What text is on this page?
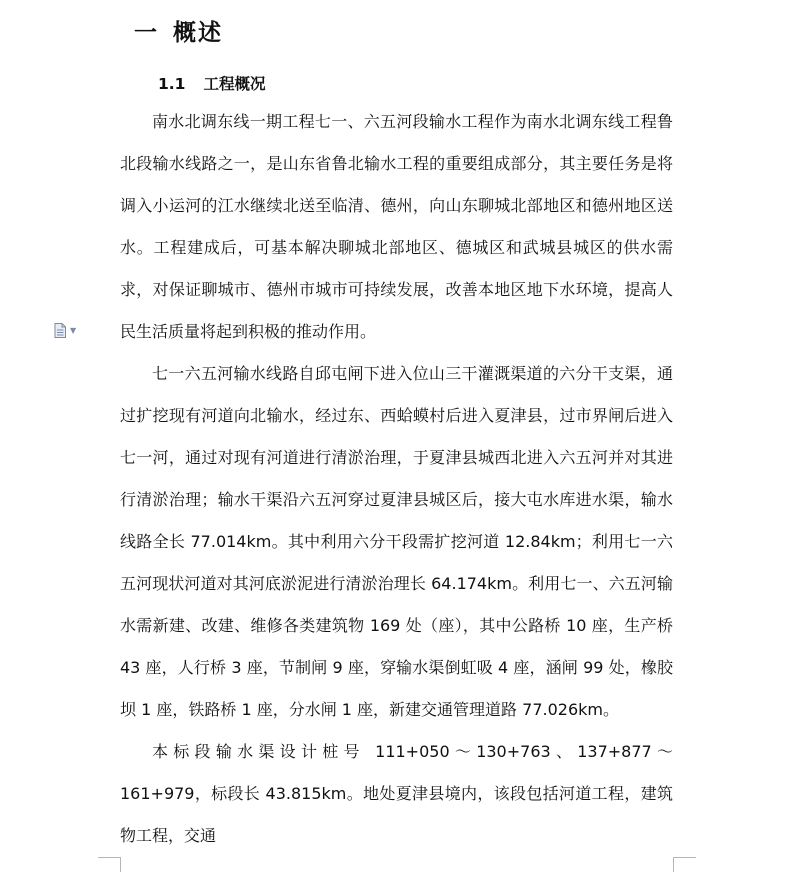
一 概述
1.1 工程概况

南水北调东线一期工程七一、六五河段输水工程作为南水北调东线工程鲁北段输水线路之一，是山东省鲁北输水工程的重要组成部分，其主要任务是将调入小运河的江水继续北送至临清、德州，向山东聊城北部地区和德州地区送水。工程建成后，可基本解决聊城北部地区、德城区和武城县城区的供水需求，对保证聊城市、德州市城市可持续发展，改善本地区地下水环境，提高人民生活质量将起到积极的推动作用。

七一六五河输水线路自邱屯闸下进入位山三干灌溉渠道的六分干支渠，通过扩挖现有河道向北输水，经过东、西蛤蟆村后进入夏津县，过市界闸后进入七一河，通过对现有河道进行清淤治理，于夏津县城西北进入六五河并对其进行清淤治理；输水干渠沿六五河穿过夏津县城区后，接大屯水库进水渠，输水线路全长 77.014km。其中利用六分干段需扩挖河道 12.84km；利用七一六五河现状河道对其河底淤泥进行清淤治理长 64.174km。利用七一、六五河输水需新建、改建、维修各类建筑物 169 处（座），其中公路桥 10 座，生产桥 43 座，人行桥 3 座，节制闸 9 座，穿输水渠倒虹吸 4 座，涵闸 99 处，橡胶坝 1 座，铁路桥 1 座，分水闸 1 座，新建交通管理道路 77.026km。

本标段输水渠设计桩号 111+050～130+763、137+877～161+979，标段长 43.815km。地处夏津县境内，该段包括河道工程，建筑物工程，交通

▼
